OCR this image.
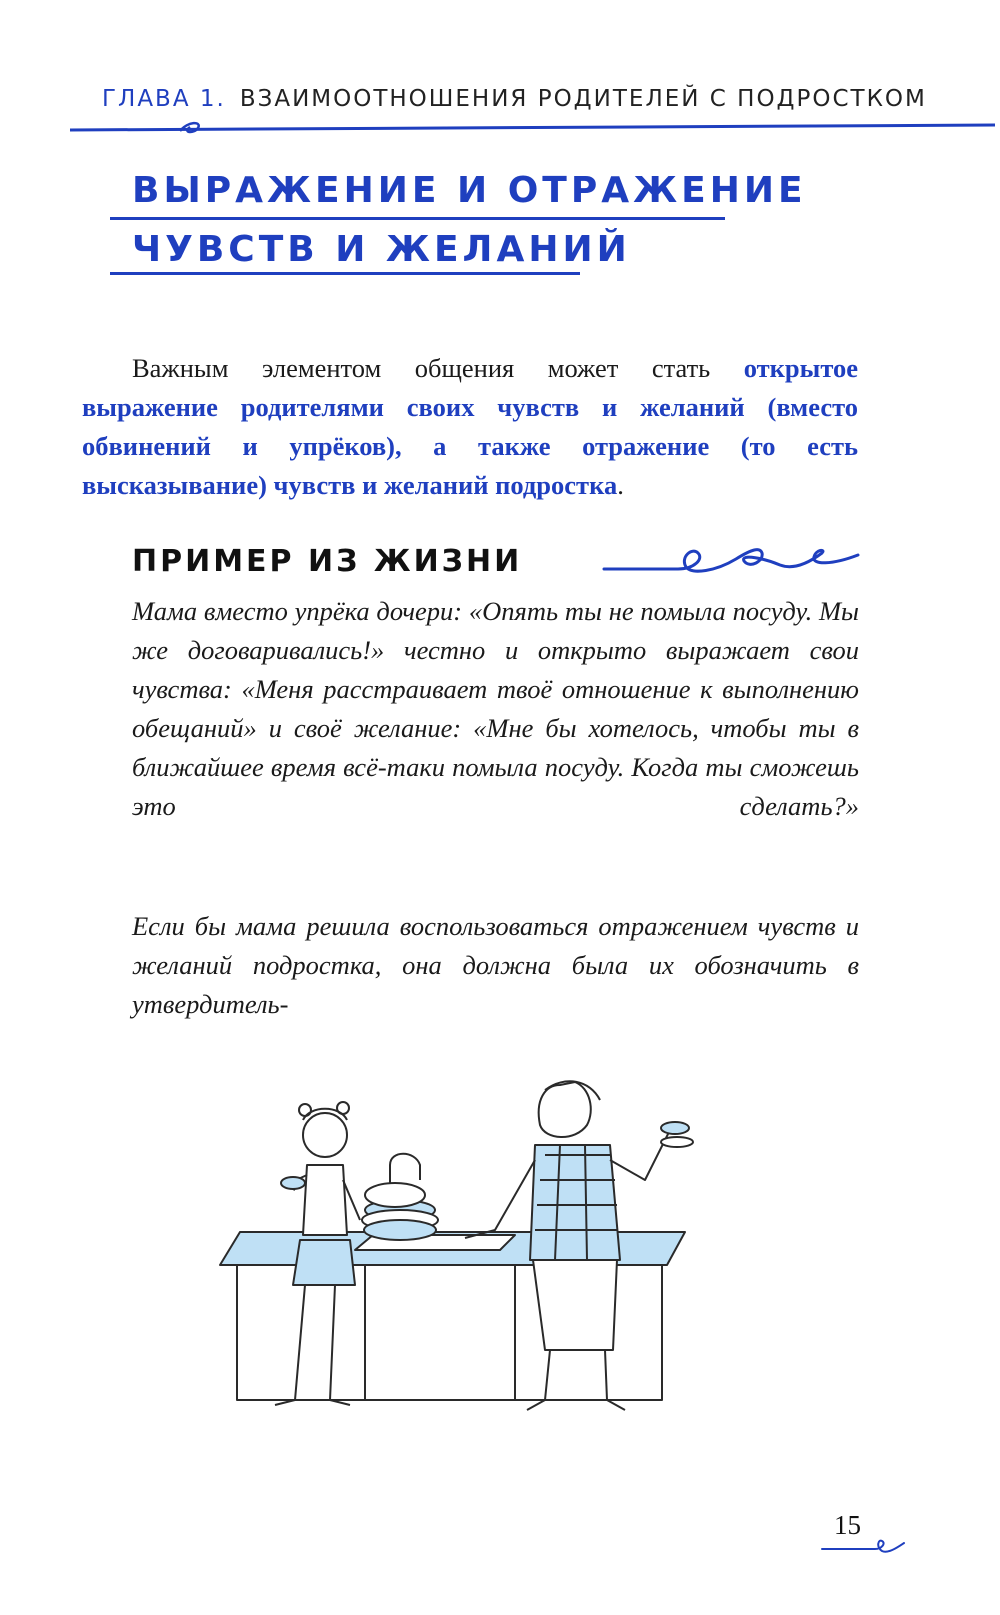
ГЛАВА 1. ВЗАИМООТНОШЕНИЯ РОДИТЕЛЕЙ С ПОДРОСТКОМ
ВЫРАЖЕНИЕ И ОТРАЖЕНИЕ
ЧУВСТВ И ЖЕЛАНИЙ

Важным элементом общения может стать открытое выражение родителями своих чувств и желаний (вместо обвинений и упрёков), а также отражение (то есть высказывание) чувств и желаний подростка.

ПРИМЕР ИЗ ЖИЗНИ

Мама вместо упрёка дочери: «Опять ты не помыла посуду. Мы же договаривались!» честно и открыто выражает свои чувства: «Меня расстраивает твоё отношение к выполнению обещаний» и своё желание: «Мне бы хотелось, чтобы ты в ближайшее время всё-таки помыла посуду. Когда ты сможешь это сделать?»

Если бы мама решила воспользоваться отражением чувств и желаний подростка, она должна была их обозначить в утвердитель-

15
